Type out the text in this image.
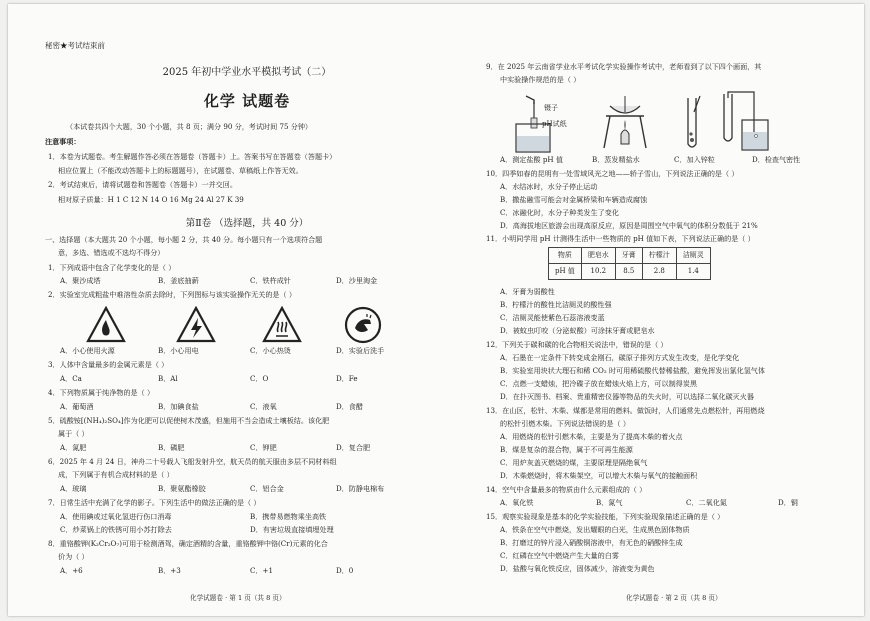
秘密★考试结束前
2025 年初中学业水平模拟考试（二）
化学 试题卷
（本试卷共四个大题，30 个小题，共 8 页；满分 90 分，考试时间 75 分钟）
注意事项：
1．本卷为试题卷。考生解题作答必须在答题卷（答题卡）上。答案书写在答题卷（答题卡）
相应位置上（不能改动答题卡上的标题题号），在试题卷、草稿纸上作答无效。
2．考试结束后，请将试题卷和答题卷（答题卡）一并交回。
相对原子质量：H 1 C 12 N 14 O 16 Mg 24 Al 27 K 39
第Ⅱ卷 （选择题，共 40 分）
一、选择题（本大题共 20 个小题，每小题 2 分，共 40 分。每小题只有一个选项符合题
意，多选、错选或不选均不得分）
1．下列成语中包含了化学变化的是（ ）
A．聚沙成塔	B．釜底抽薪	C．铁杵成针	D．沙里淘金
2．实验室完成粗盐中难溶性杂质去除时，下列图标与该实验操作无关的是（ ）
A．小心使用火源	B．小心用电	C．小心热烫	D．实验后洗手
3．人体中含量最多的金属元素是（ ）
A．Ca	B．Al	C．O	D．Fe
4．下列物质属于纯净物的是（ ）
A．葡萄酒	B．加碘食盐	C．液氧	D．食醋
5．硫酸铵[(NH₄)₂SO₄]作为化肥可以促使树木茂盛，但施用不当会造成土壤板结。该化肥
属于（ ）
A．氮肥	B．磷肥	C．钾肥	D．复合肥
6．2025 年 4 月 24 日，神舟二十号载人飞船发射升空，航天员的航天服由多层不同材料组
成，下列属于有机合成材料的是（ ）
A．玻璃	B．聚氨酯橡胶	C．铝合金	D．防静电棉布
7．日常生活中充满了化学的影子。下列生活中的做法正确的是（ ）
A．使用碘或过氧化氢进行伤口消毒	B．携带易燃物乘坐高铁
C．炒菜锅上的铁锈可用小苏打除去	D．有害垃圾直接填埋处理
8．重铬酸钾(K₂Cr₂O₇)可用于检测酒驾，确定酒精的含量，重铬酸钾中铬(Cr)元素的化合
价为（ ）
A．+6	B．+3	C．+1	D．0
化学试题卷 · 第 1 页（共 8 页）
9．在 2025 年云南省学业水平考试化学实验操作考试中，老师看到了以下四个画面，其
中实验操作规范的是（ ）
镊子
pH试纸
A．测定盐酸 pH 值	B．蒸发精盐水	C．加入锌粒	D．检查气密性
10．四季如春的昆明有一处雪域风光之地——轿子雪山，下列说法正确的是（ ）
A．水结冰时，水分子停止运动
B．撒盐融雪可能会对金属桥梁和车辆造成腐蚀
C．冰融化时，水分子种类发生了变化
D．高海拔地区旅游会出现高原反应，原因是周围空气中氧气的体积分数低于 21%
11．小明同学用 pH 计测得生活中一些物质的 pH 值如下表，下列说法正确的是（ ）
物质	肥皂水	牙膏	柠檬汁	洁厕灵
pH 值	10.2	8.5	2.8	1.4
A．牙膏为弱酸性
B．柠檬汁的酸性比洁厕灵的酸性强
C．洁厕灵能使紫色石蕊溶液变蓝
D．被蚊虫叮咬（分泌蚁酸）可涂抹牙膏或肥皂水
12．下列关于碳和碳的化合物相关说法中，错误的是（ ）
A．石墨在一定条件下转变成金刚石，碳原子排列方式发生改变，是化学变化
B．实验室用块状大理石和稀 CO₂ 时可用稀硫酸代替稀盐酸，避免挥发出氯化氢气体
C．点燃一支蜡烛，把冷碟子放在蜡烛火焰上方，可以制得炭黑
D．在扑灭图书、档案、贵重精密仪器等物品的失火时，可以选择二氧化碳灭火器
13．在山区，松针、木柴、煤都是常用的燃料。做饭时，人们通常先点燃松针，再用燃烧
的松针引燃木柴。下列说法错误的是（ ）
A．用燃烧的松针引燃木柴，主要是为了提高木柴的着火点
B．煤是复杂的混合物，属于不可再生能源
C．用炉灰盖灭燃烧的煤，主要原理是隔绝氧气
D．木柴燃烧时，将木柴架空，可以增大木柴与氧气的接触面积
14．空气中含量最多的物质由什么元素组成的（ ）
A．氧化铁	B．氮气	C．二氧化氮	D．铜
15．观察实验现象是基本的化学实验技能，下列实验现象描述正确的是（ ）
A．铁条在空气中燃烧，发出耀眼的白光，生成黑色固体物质
B．打磨过的锌片浸入硝酸铜溶液中，有无色的硝酸锌生成
C．红磷在空气中燃烧产生大量的白雾
D．盐酸与氧化铁反应，固体减少，溶液变为黄色
化学试题卷 · 第 2 页（共 8 页）
